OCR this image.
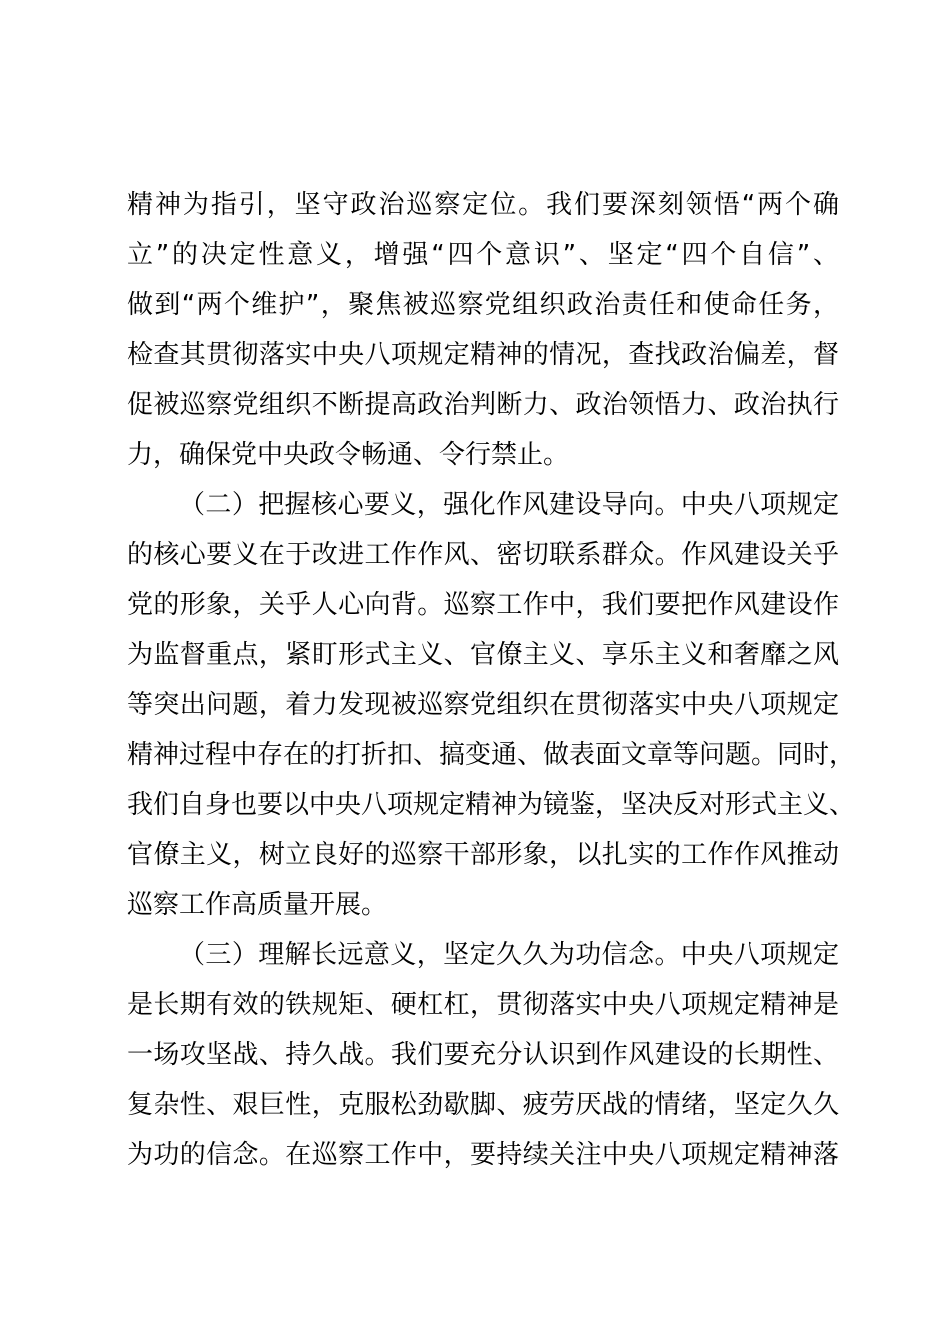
精神为指引，坚守政治巡察定位。我们要深刻领悟“两个确
立”的决定性意义，增强“四个意识”、坚定“四个自信”、
做到“两个维护”，聚焦被巡察党组织政治责任和使命任务，
检查其贯彻落实中央八项规定精神的情况，查找政治偏差，督
促被巡察党组织不断提高政治判断力、政治领悟力、政治执行
力，确保党中央政令畅通、令行禁止。
（二）把握核心要义，强化作风建设导向。中央八项规定
的核心要义在于改进工作作风、密切联系群众。作风建设关乎
党的形象，关乎人心向背。巡察工作中，我们要把作风建设作
为监督重点，紧盯形式主义、官僚主义、享乐主义和奢靡之风
等突出问题，着力发现被巡察党组织在贯彻落实中央八项规定
精神过程中存在的打折扣、搞变通、做表面文章等问题。同时，
我们自身也要以中央八项规定精神为镜鉴，坚决反对形式主义、
官僚主义，树立良好的巡察干部形象，以扎实的工作作风推动
巡察工作高质量开展。
（三）理解长远意义，坚定久久为功信念。中央八项规定
是长期有效的铁规矩、硬杠杠，贯彻落实中央八项规定精神是
一场攻坚战、持久战。我们要充分认识到作风建设的长期性、
复杂性、艰巨性，克服松劲歇脚、疲劳厌战的情绪，坚定久久
为功的信念。在巡察工作中，要持续关注中央八项规定精神落
